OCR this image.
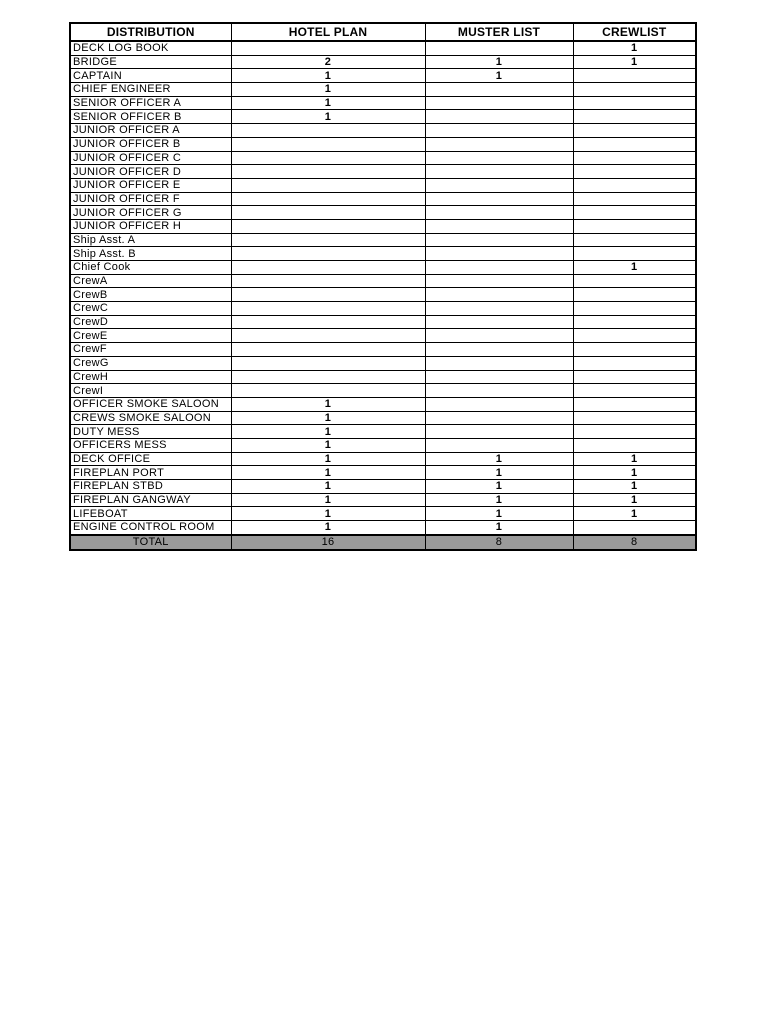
DISTRIBUTION	HOTEL PLAN	MUSTER LIST	CREWLIST
DECK LOG BOOK			1
BRIDGE	2	1	1
CAPTAIN	1	1	
CHIEF ENGINEER	1		
SENIOR OFFICER A	1		
SENIOR OFFICER B	1		
JUNIOR OFFICER A			
JUNIOR OFFICER B			
JUNIOR OFFICER C			
JUNIOR OFFICER D			
JUNIOR OFFICER E			
JUNIOR OFFICER F			
JUNIOR OFFICER G			
JUNIOR OFFICER H			
Ship Asst. A			
Ship Asst. B			
Chief Cook			1
CrewA			
CrewB			
CrewC			
CrewD			
CrewE			
CrewF			
CrewG			
CrewH			
CrewI			
OFFICER SMOKE SALOON	1		
CREWS SMOKE SALOON	1		
DUTY MESS	1		
OFFICERS MESS	1		
DECK OFFICE	1	1	1
FIREPLAN PORT	1	1	1
FIREPLAN STBD	1	1	1
FIREPLAN GANGWAY	1	1	1
LIFEBOAT	1	1	1
ENGINE CONTROL ROOM	1	1	
TOTAL	16	8	8
